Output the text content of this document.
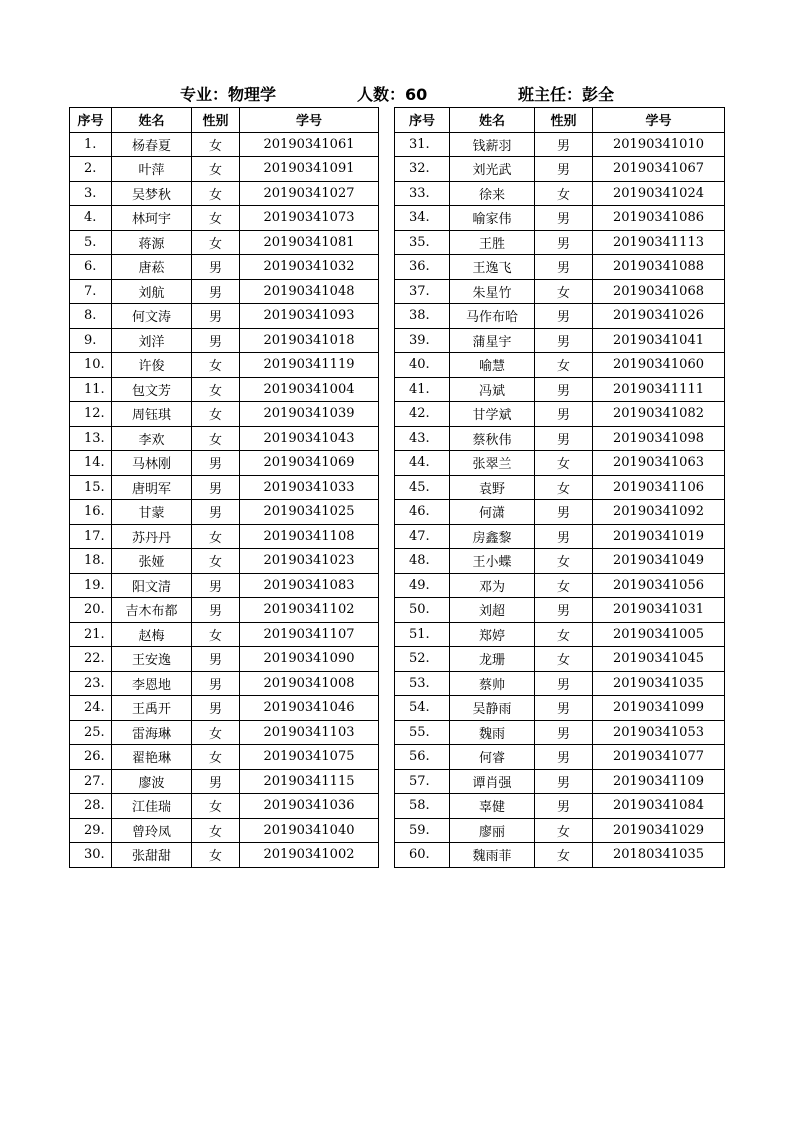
专业：物理学	人数：60	班主任：彭全
序号	姓名	性别	学号
1.	杨春夏	女	20190341061
2.	叶萍	女	20190341091
3.	吴梦秋	女	20190341027
4.	林珂宇	女	20190341073
5.	蒋源	女	20190341081
6.	唐菘	男	20190341032
7.	刘航	男	20190341048
8.	何文涛	男	20190341093
9.	刘洋	男	20190341018
10.	许俊	女	20190341119
11.	包文芳	女	20190341004
12.	周钰琪	女	20190341039
13.	李欢	女	20190341043
14.	马林刚	男	20190341069
15.	唐明军	男	20190341033
16.	甘蒙	男	20190341025
17.	苏丹丹	女	20190341108
18.	张娅	女	20190341023
19.	阳文清	男	20190341083
20.	吉木布都	男	20190341102
21.	赵梅	女	20190341107
22.	王安逸	男	20190341090
23.	李恩地	男	20190341008
24.	王禹开	男	20190341046
25.	雷海琳	女	20190341103
26.	翟艳琳	女	20190341075
27.	廖波	男	20190341115
28.	江佳瑞	女	20190341036
29.	曾玲凤	女	20190341040
30.	张甜甜	女	20190341002
序号	姓名	性别	学号
31.	钱薪羽	男	20190341010
32.	刘光武	男	20190341067
33.	徐来	女	20190341024
34.	喻家伟	男	20190341086
35.	王胜	男	20190341113
36.	王逸飞	男	20190341088
37.	朱星竹	女	20190341068
38.	马作布哈	男	20190341026
39.	蒲星宇	男	20190341041
40.	喻慧	女	20190341060
41.	冯斌	男	20190341111
42.	甘学斌	男	20190341082
43.	蔡秋伟	男	20190341098
44.	张翠兰	女	20190341063
45.	袁野	女	20190341106
46.	何潇	男	20190341092
47.	房鑫黎	男	20190341019
48.	王小蝶	女	20190341049
49.	邓为	女	20190341056
50.	刘超	男	20190341031
51.	郑婷	女	20190341005
52.	龙珊	女	20190341045
53.	蔡帅	男	20190341035
54.	吴静雨	男	20190341099
55.	魏雨	男	20190341053
56.	何睿	男	20190341077
57.	谭肖强	男	20190341109
58.	辜健	男	20190341084
59.	廖丽	女	20190341029
60.	魏雨菲	女	20180341035
